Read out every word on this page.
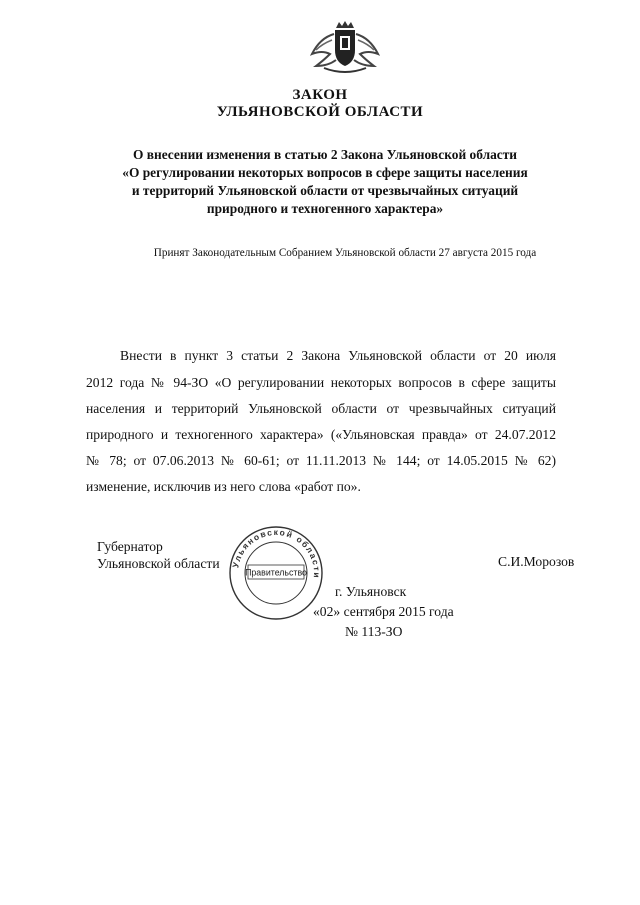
ЗАКОН
УЛЬЯНОВСКОЙ ОБЛАСТИ
О внесении изменения в статью 2 Закона Ульяновской области
«О регулировании некоторых вопросов в сфере защиты населения
и территорий Ульяновской области от чрезвычайных ситуаций
природного и техногенного характера»
Принят Законодательным Собранием Ульяновской области 27 августа 2015 года
Внести в пункт 3 статьи 2 Закона Ульяновской области от 20 июля
2012 года № 94-ЗО «О регулировании некоторых вопросов в сфере защиты
населения и территорий Ульяновской области от чрезвычайных ситуаций
природного и техногенного характера» («Ульяновская правда» от 24.07.2012
№ 78; от 07.06.2013 № 60-61; от 11.11.2013 № 144; от 14.05.2015 № 62)
изменение, исключив из него слова «работ по».
Губернатор
Ульяновской области	С.И.Морозов
Ульяновской области
Правительство
г. Ульяновск
«02» сентября 2015 года
№ 113-ЗО
